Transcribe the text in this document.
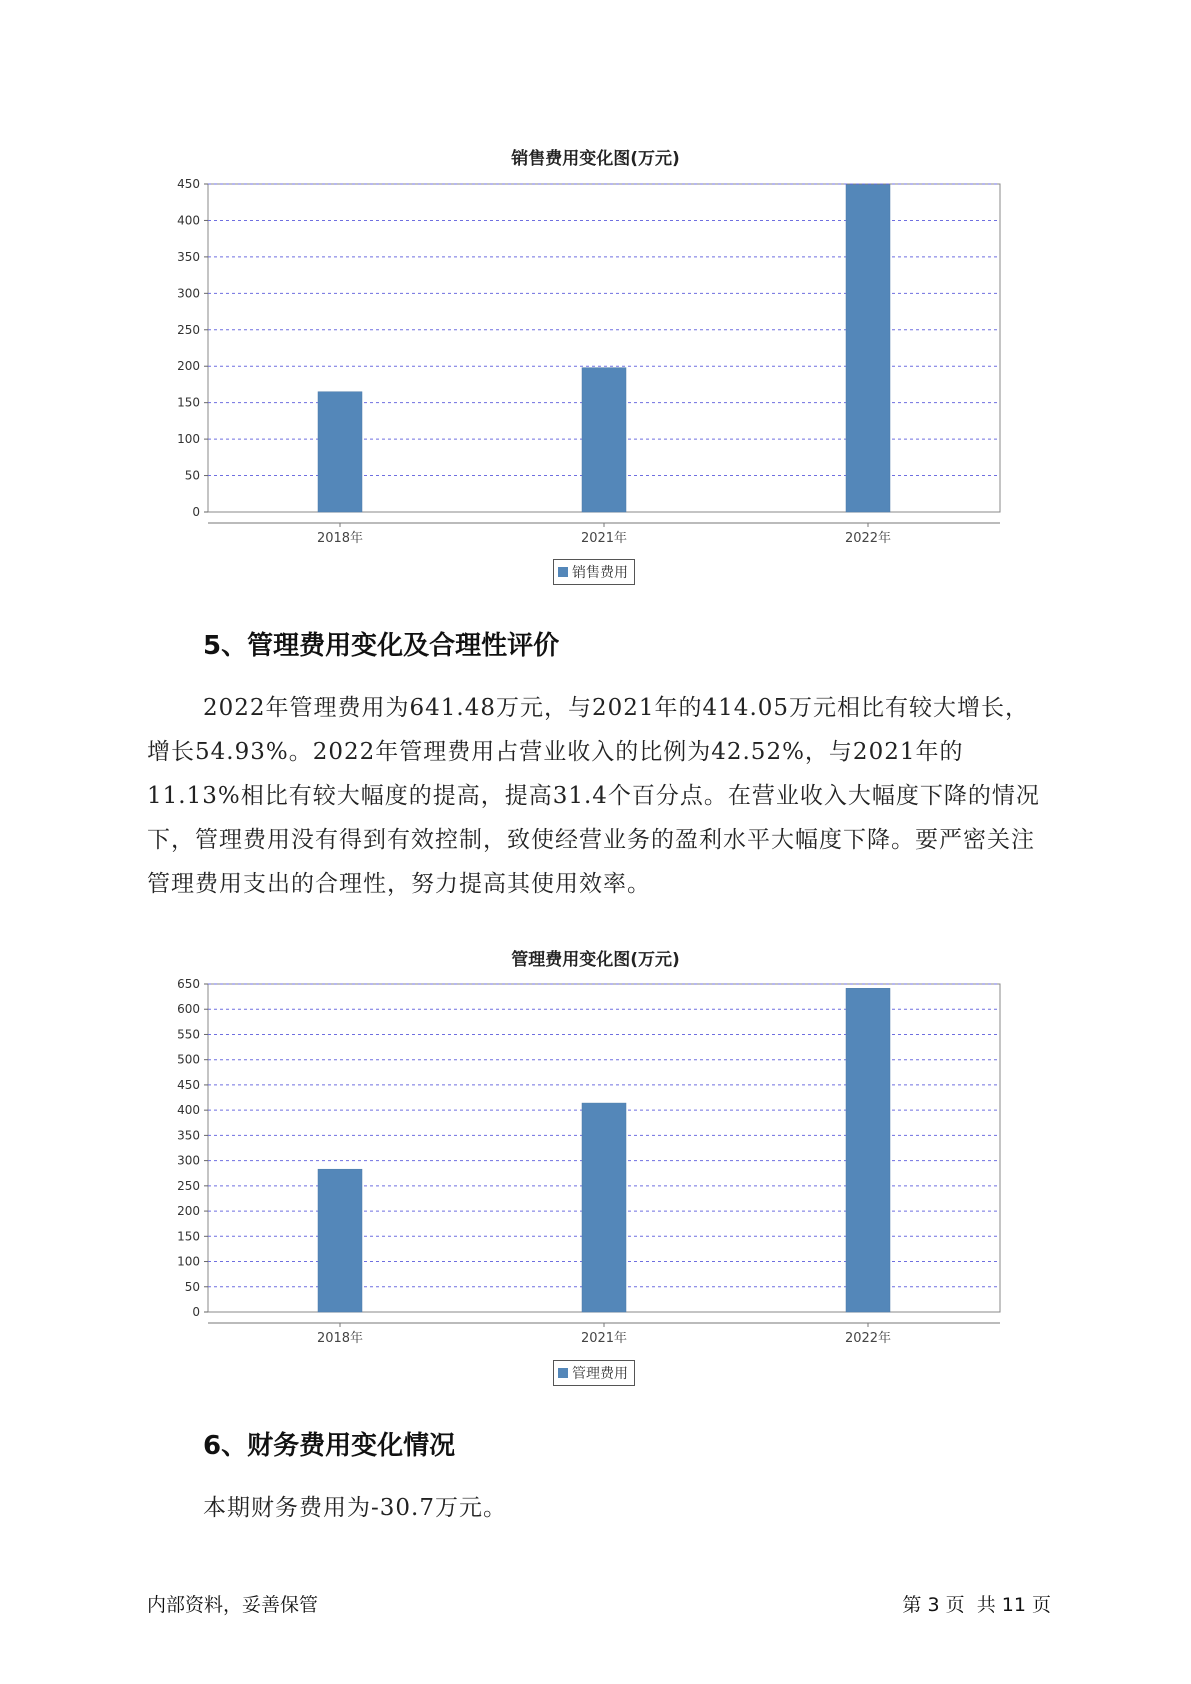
销售费用变化图(万元)
0
50
100
150
200
250
300
350
400
450
2018年	2021年	2022年
销售费用
5、管理费用变化及合理性评价

2022年管理费用为641.48万元，与2021年的414.05万元相比有较大增长，增长54.93%。2022年管理费用占营业收入的比例为42.52%，与2021年的11.13%相比有较大幅度的提高，提高31.4个百分点。在营业收入大幅度下降的情况下，管理费用没有得到有效控制，致使经营业务的盈利水平大幅度下降。要严密关注管理费用支出的合理性，努力提高其使用效率。

管理费用变化图(万元)
0
50
100
150
200
250
300
350
400
450
500
550
600
650
2018年	2021年	2022年
管理费用
6、财务费用变化情况

本期财务费用为-30.7万元。

内部资料，妥善保管	第 3 页 共 11 页
